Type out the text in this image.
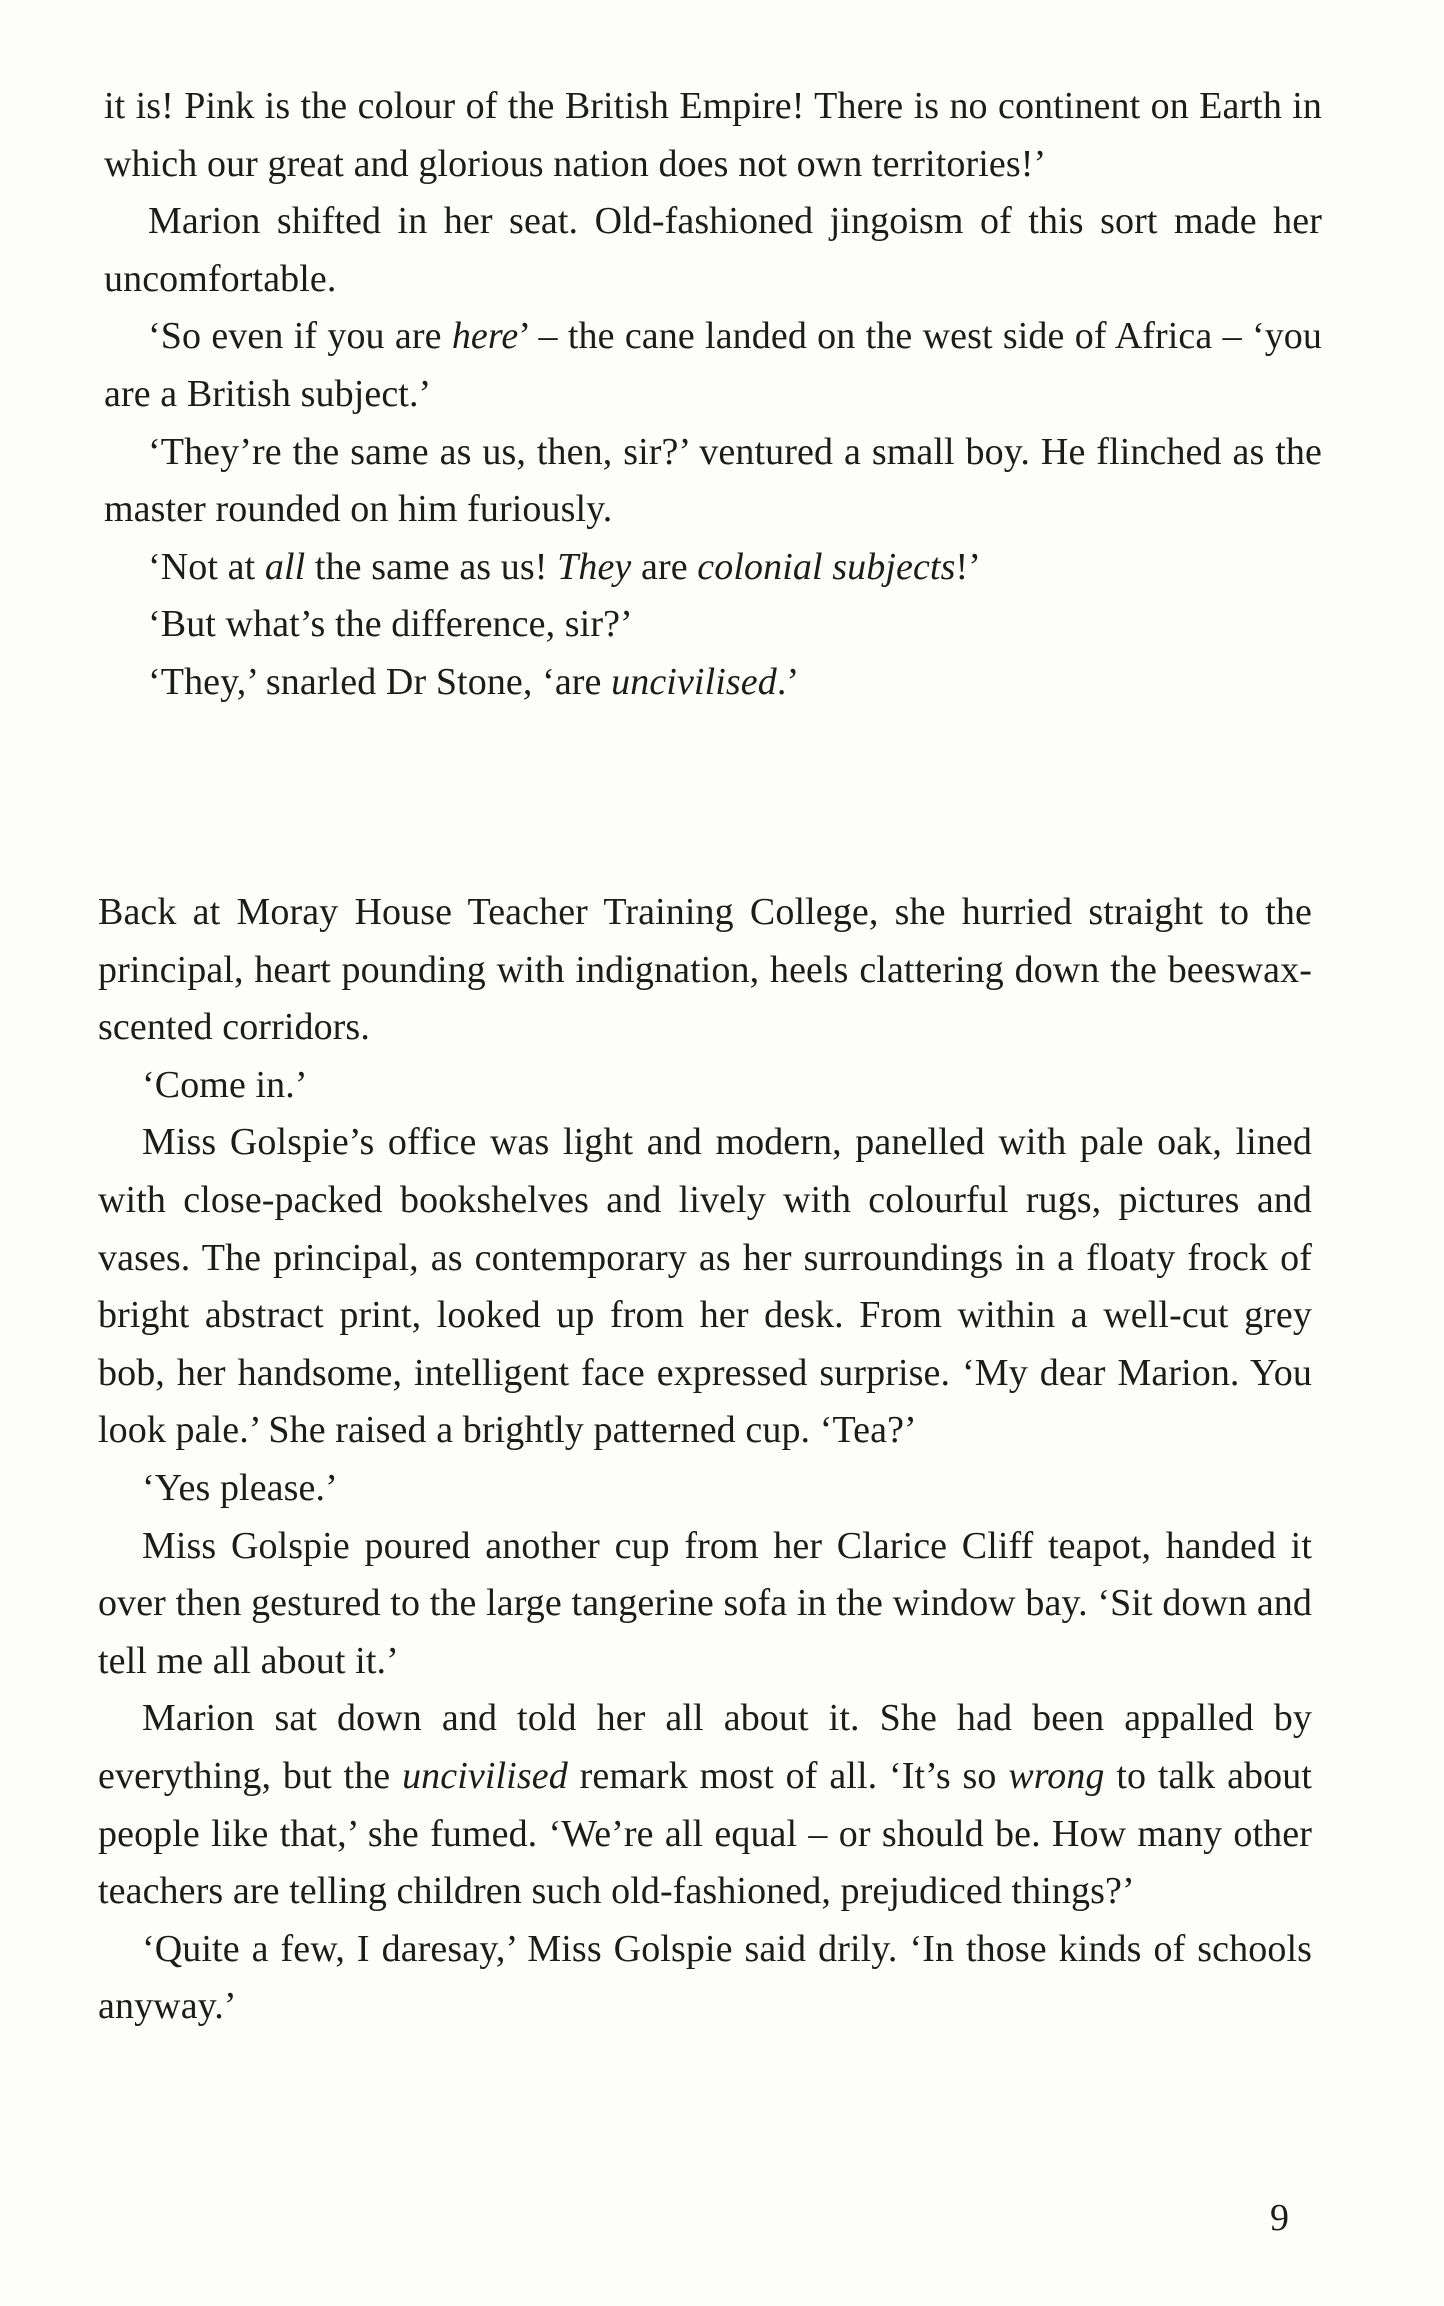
it is! Pink is the colour of the British Empire! There is no continent on Earth in which our great and glorious nation does not own territories!’

Marion shifted in her seat. Old-fashioned jingoism of this sort made her uncomfortable.

‘So even if you are here’ – the cane landed on the west side of Africa – ‘you are a British subject.’

‘They’re the same as us, then, sir?’ ventured a small boy. He flinched as the master rounded on him furiously.

‘Not at all the same as us! They are colonial subjects!’

‘But what’s the difference, sir?’

‘They,’ snarled Dr Stone, ‘are uncivilised.’

Back at Moray House Teacher Training College, she hurried straight to the principal, heart pounding with indignation, heels clattering down the beeswax-scented corridors.

‘Come in.’

Miss Golspie’s office was light and modern, panelled with pale oak, lined with close-packed bookshelves and lively with colourful rugs, pictures and vases. The principal, as contemporary as her surroundings in a floaty frock of bright abstract print, looked up from her desk. From within a well-cut grey bob, her handsome, intelligent face expressed surprise. ‘My dear Marion. You look pale.’ She raised a brightly patterned cup. ‘Tea?’

‘Yes please.’

Miss Golspie poured another cup from her Clarice Cliff teapot, handed it over then gestured to the large tangerine sofa in the window bay. ‘Sit down and tell me all about it.’

Marion sat down and told her all about it. She had been appalled by everything, but the uncivilised remark most of all. ‘It’s so wrong to talk about people like that,’ she fumed. ‘We’re all equal – or should be. How many other teachers are telling children such old-fashioned, prejudiced things?’

‘Quite a few, I daresay,’ Miss Golspie said drily. ‘In those kinds of schools anyway.’

9
